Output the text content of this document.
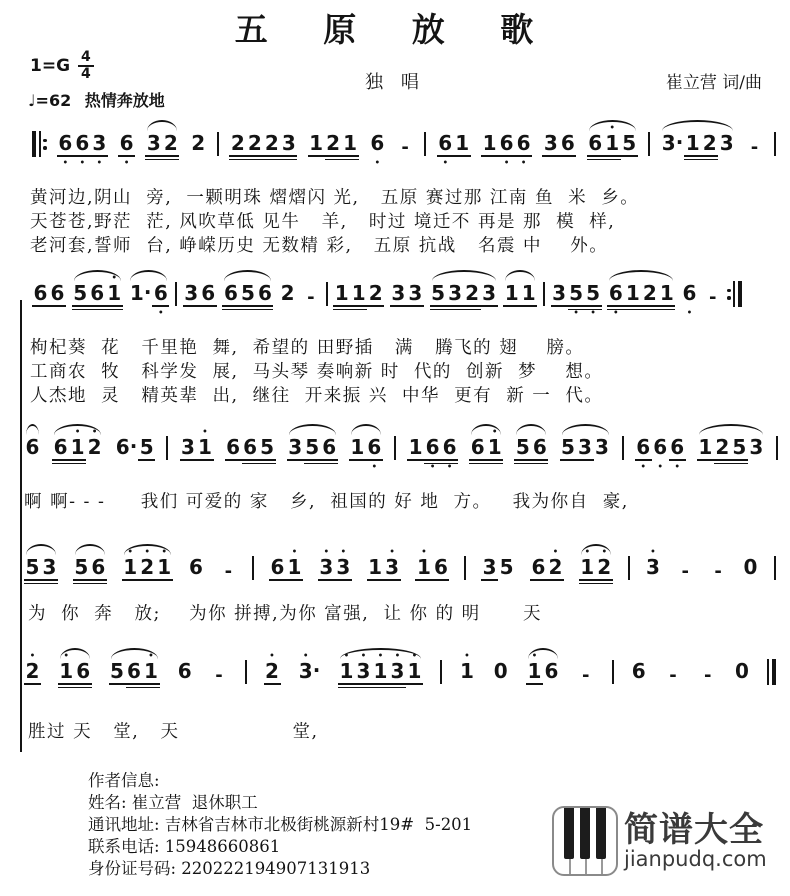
五 原 放 歌
1=G 4
4	独 唱	崔立营 词/曲
♩=62 热情奔放地
6
•
6
•
3
•
6
•
3 2 2 2 2 2 3 1 2 1 6
•
- 6
•
1 1 6
•
6
•
3 6 6
•
1 5 3 · 1 2 3 -
6 6 5 6
•
1 1 · 6
•
3 6 6 5 6 2 - 1 1 2 3 3 5 3 2 3 1 1 3 5
•
5
•
6
•
1 2 1 6
•
-
6 6
•
1
•
2 6 · 5 3
•
1 6 6 5 3 5 6 1 6
•
1 6
•
6
•
6
•
1 5 6 5 3 3 6
•
6
•
6
•
1 2 5 3
5 3 5 6
•
1
•
2
•
1 6 - 6
•
1
•
3
•
3 1
•
3
•
1 6 3 5 6
•
2
•
1
•
2
•
3 - - 0
•
2
•
1 6 5 6
•
1 6 -
•
2
•
3 ·
•
1
•
3
•
1
•
3
•
1
•
1 0
•
1 6 - 6 - - 0
黄河边,阴山  旁,  一颗明珠 熠熠闪 光,   五原 赛过那 江南 鱼  米  乡。
天苍苍,野茫  茫, 风吹草低 见牛   羊,   时过 境迁不 再是 那  模  样,
老河套,誓师  台, 峥嵘历史 无数精 彩,   五原 抗战   名震 中    外。
枸杞葵  花   千里艳  舞,  希望的 田野插   满   腾飞的 翅    膀。
工商农  牧   科学发  展,  马头琴 奏响新 时  代的  创新  梦    想。
人杰地  灵   精英辈  出,  继往  开来振 兴  中华  更有  新 一  代。
啊 啊- - -     我们 可爱的 家   乡,  祖国的 好 地  方。   我为你自  豪,
为  你  奔   放;    为你 拼搏,为你 富强,  让 你 的 明      天
胜过 天   堂,   天                堂,
作者信息:
姓名: 崔立营  退休职工
通讯地址: 吉林省吉林市北极街桃源新村19#  5-201
联系电话: 15948660861
身份证号码: 220222194907131913
简谱大全
jianpudq.com
